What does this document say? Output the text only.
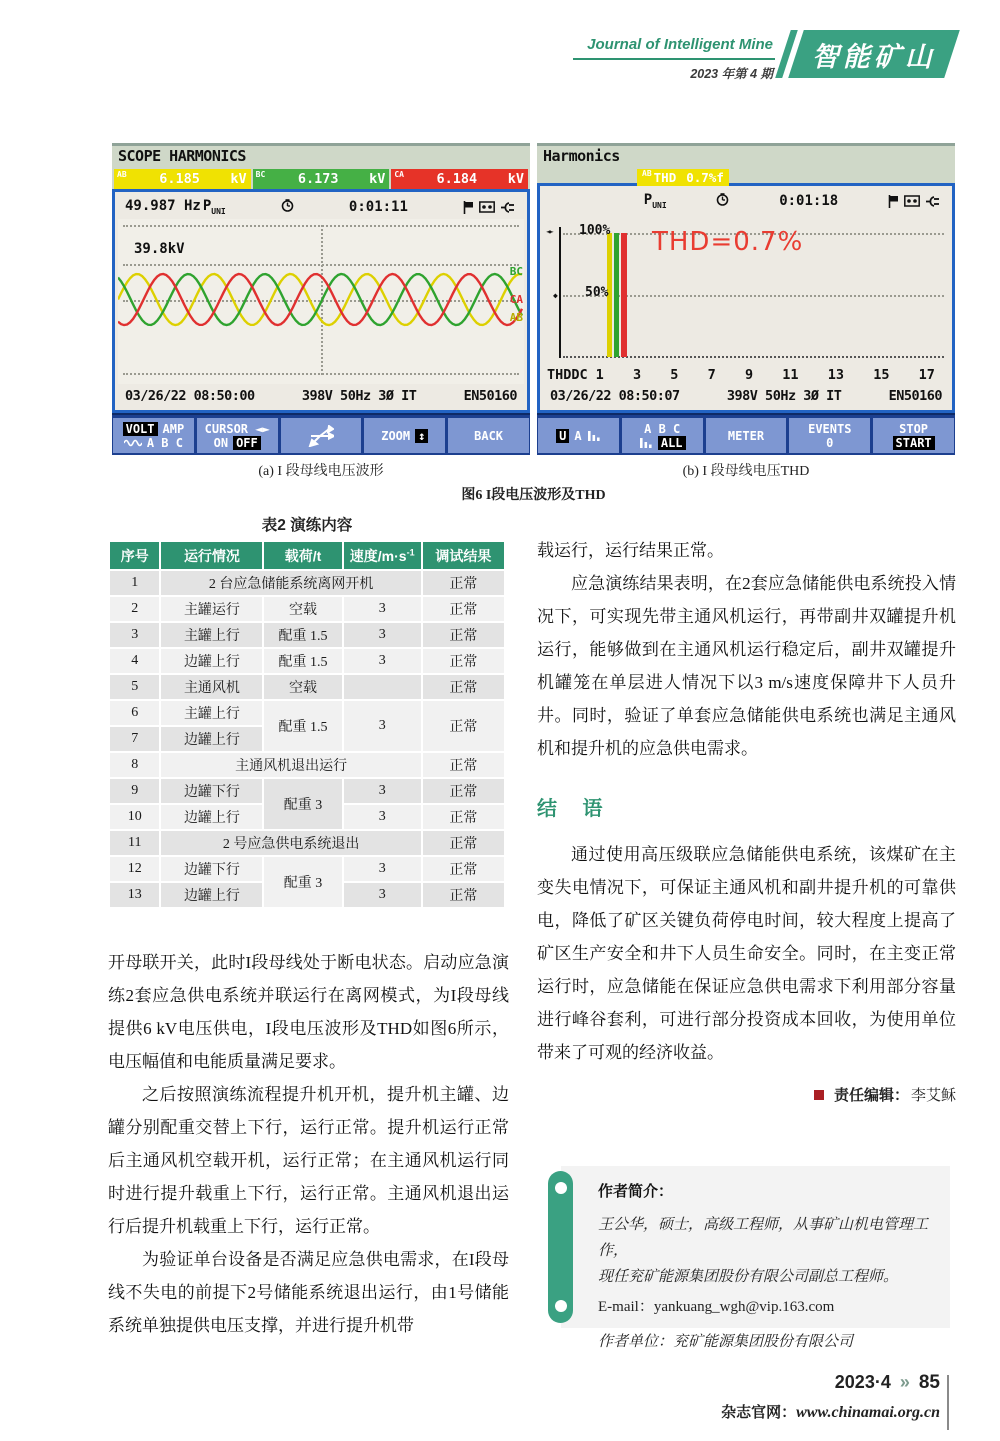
Journal of Intelligent Mine
2023 年第 4 期
智能矿山
SCOPE HARMONICS
AB	6.185	kV	BC	6.173	kV	CA	6.184	kV
49.987 Hz $P_{UNI}$	0:01:11
39.8kV
BC
CA
AB
03/26/22 08:50:00	398V 50Hz 3Ø IT	EN50160
VOLT AMP
A B C
CURSOR ◄►
ON OFF	ZOOM ↕	BACK
Harmonics
AB THD 0.7%f
$P_{UNI}$	0:01:18
◄►
◆
100%
50%
THD=0.7%
THDDC 1 3 5 7 9 11 13 15 17
03/26/22 08:50:07	398V 50Hz 3Ø IT	EN50160
U A	A B C
ALL	METER	EVENTS
0
STOP
START
(a) I 段母线电压波形	(b) I 段母线电压THD
图6 I段电压波形及THD
表2 演练内容
序号	运行情况	载荷/t	速度$/m\cdot s^{-1}$	调试结果
1	2 台应急储能系统离网开机			正常
2	主罐运行	空载	3	正常
3	主罐上行	配重 1.5	3	正常
4	边罐上行	配重 1.5	3	正常
5	主通风机	空载		正常
6	主罐上行	配重 1.5	3	正常
7	边罐上行			
8	主通风机退出运行			正常
9	边罐下行	配重 3	3	正常
10	边罐上行		3	正常
11	2 号应急供电系统退出			正常
12	边罐下行	配重 3	3	正常
13	边罐上行		3	正常

开母联开关，此时I段母线处于断电状态。启动应急演练2套应急供电系统并联运行在离网模式，为I段母线提供6 kV电压供电，I段电压波形及THD如图6所示，电压幅值和电能质量满足要求。

之后按照演练流程提升机开机，提升机主罐、边罐分别配重交替上下行，运行正常。提升机运行正常后主通风机空载开机，运行正常；在主通风机运行同时进行提升载重上下行，运行正常。主通风机退出运行后提升机载重上下行，运行正常。

为验证单台设备是否满足应急供电需求，在I段母线不失电的前提下2号储能系统退出运行，由1号储能系统单独提供电压支撑，并进行提升机带

载运行，运行结果正常。

应急演练结果表明，在2套应急储能供电系统投入情况下，可实现先带主通风机运行，再带副井双罐提升机运行，能够做到在主通风机运行稳定后，副井双罐提升机罐笼在单层进人情况下以3 m/s速度保障井下人员升井。同时，验证了单套应急储能供电系统也满足主通风机和提升机的应急供电需求。

结 语

通过使用高压级联应急储能供电系统，该煤矿在主变失电情况下，可保证主通风机和副井提升机的可靠供电，降低了矿区关键负荷停电时间，较大程度上提高了矿区生产安全和井下人员生命安全。同时，在主变正常运行时，应急储能在保证应急供电需求下利用部分容量进行峰谷套利，可进行部分投资成本回收，为使用单位带来了可观的经济收益。

责任编辑： 李艾稣
作者简介：
王公华，硕士，高级工程师，从事矿山机电管理工作，
现任兖矿能源集团股份有限公司副总工程师。
E-mail：yankuang_wgh@vip.163.com
作者单位：兖矿能源集团股份有限公司
2023·4 » 85
杂志官网：www.chinamai.org.cn
